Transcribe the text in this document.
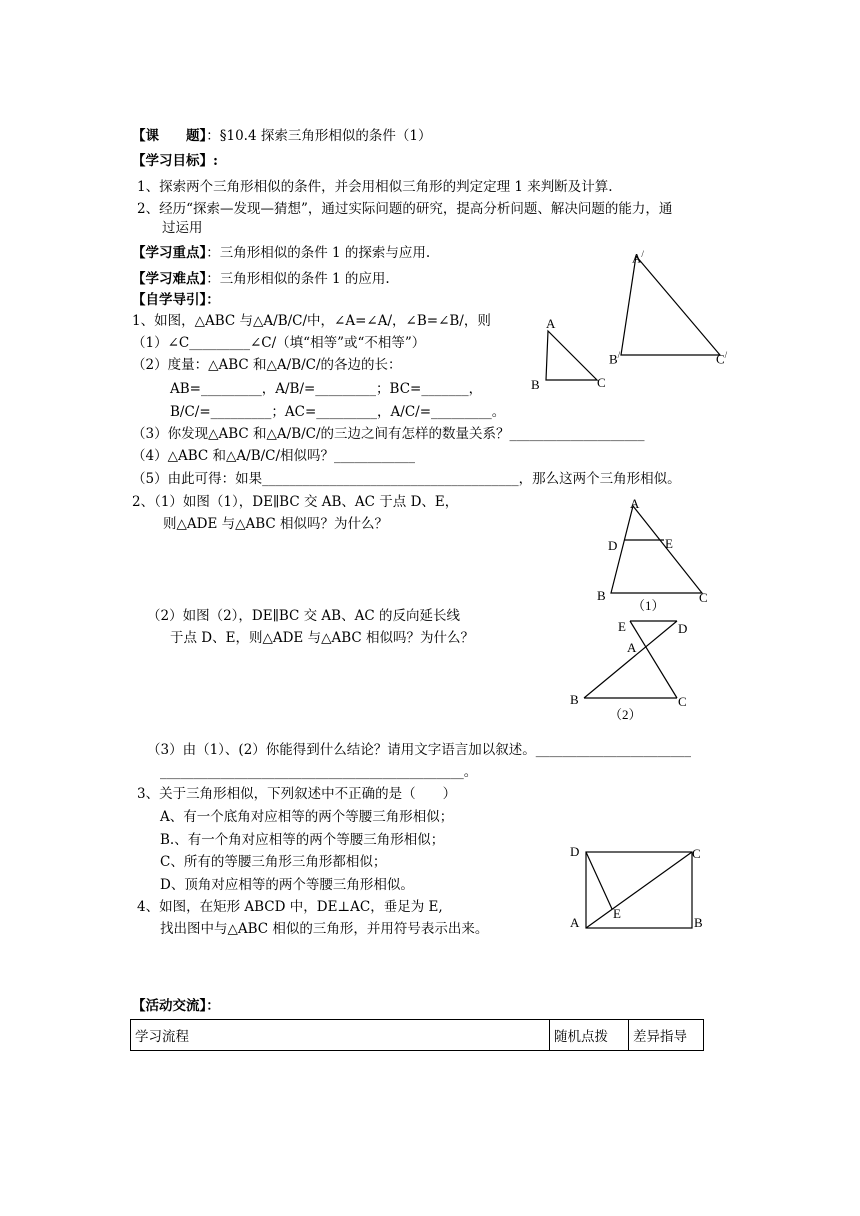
【课　　题】：§10.4 探索三角形相似的条件（1）
【学习目标】:
1、探索两个三角形相似的条件，并会用相似三角形的判定定理 1 来判断及计算.
2、经历“探索—发现—猜想”，通过实际问题的研究，提高分析问题、解决问题的能力，通
过运用
【学习重点】：三角形相似的条件 1 的探索与应用.
【学习难点】：三角形相似的条件 1 的应用.
【自学导引】：
1、如图，△ABC 与△A/B/C/中，∠A=∠A/，∠B=∠B/，则
（1）∠C_________∠C/（填“相等”或“不相等”）
（2）度量：△ABC 和△A/B/C/的各边的长：
AB=_________，A/B/=_________；BC=_______，
B/C/=_________；AC=_________，A/C/=_________。
（3）你发现△ABC 和△A/B/C/的三边之间有怎样的数量关系？____________________
（4）△ABC 和△A/B/C/相似吗？____________
（5）由此可得：如果______________________________________，那么这两个三角形相似。
A
B	C
A/
B/	C/
2、（1）如图（1），DE∥BC 交 AB、AC 于点 D、E，
则△ADE 与△ABC 相似吗？为什么？
（2）如图（2），DE∥BC 交 AB、AC 的反向延长线
于点 D、E，则△ADE 与△ABC 相似吗？为什么？
（3）由（1）、(2）你能得到什么结论？请用文字语言加以叙述。_______________________
_____________________________________________。
A
D	E
B	C
（1）
E	D
A
B	C
（2）
3、关于三角形相似，下列叙述中不正确的是（　　）
A、有一个底角对应相等的两个等腰三角形相似；
B.、有一个角对应相等的两个等腰三角形相似；
C、所有的等腰三角形三角形都相似；
D、顶角对应相等的两个等腰三角形相似。
4、如图，在矩形 ABCD 中，DE⊥AC，垂足为 E,
找出图中与△ABC 相似的三角形，并用符号表示出来。
D	C
E
A	B
【活动交流】：
学习流程	随机点拨	差异指导
